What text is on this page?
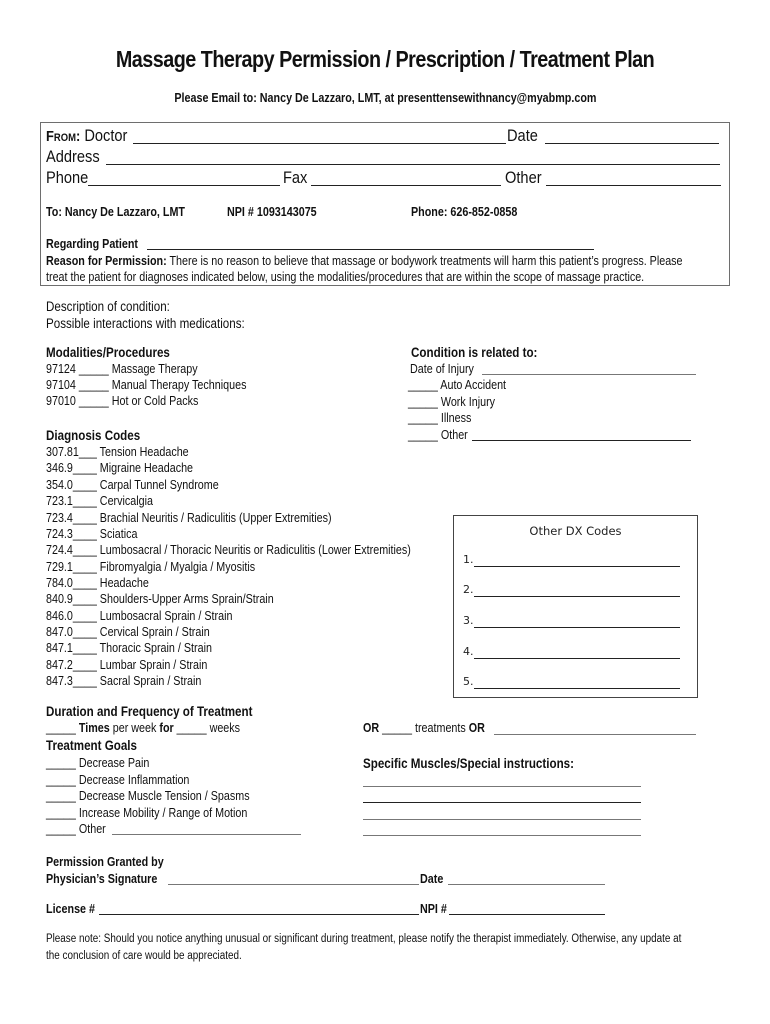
Massage Therapy Permission / Prescription / Treatment Plan
Please Email to: Nancy De Lazzaro, LMT, at presenttensewithnancy@myabmp.com
From: Doctor	Date
Address
Phone	Fax	Other
To: Nancy De Lazzaro, LMT	NPI # 1093143075	Phone: 626-852-0858
Regarding Patient
Reason for Permission: There is no reason to believe that massage or bodywork treatments will harm this patient’s progress. Please
treat the patient for diagnoses indicated below, using the modalities/procedures that are within the scope of massage practice.
Description of condition:
Possible interactions with medications:
Modalities/Procedures
97124 _____ Massage Therapy
97104 _____ Manual Therapy Techniques
97010 _____ Hot or Cold Packs
Condition is related to:
Date of Injury
_____ Auto Accident
_____ Work Injury
_____ Illness
_____ Other
Diagnosis Codes
307.81___ Tension Headache
346.9____ Migraine Headache
354.0____ Carpal Tunnel Syndrome
723.1____ Cervicalgia
723.4____ Brachial Neuritis / Radiculitis (Upper Extremities)
724.3____ Sciatica
724.4____ Lumbosacral / Thoracic Neuritis or Radiculitis (Lower Extremities)
729.1____ Fibromyalgia / Myalgia / Myositis
784.0____ Headache
840.9____ Shoulders-Upper Arms Sprain/Strain
846.0____ Lumbosacral Sprain / Strain
847.0____ Cervical Sprain / Strain
847.1____ Thoracic Sprain / Strain
847.2____ Lumbar Sprain / Strain
847.3____ Sacral Sprain / Strain
Other DX Codes
1.
2.
3.
4.
5.
Duration and Frequency of Treatment
_____ Times per week for _____ weeks	OR _____ treatments OR
Treatment Goals
_____ Decrease Pain
_____ Decrease Inflammation
_____ Decrease Muscle Tension / Spasms
_____ Increase Mobility / Range of Motion
_____ Other
Specific Muscles/Special instructions:
Permission Granted by
Physician’s Signature	Date
License #	NPI #
Please note: Should you notice anything unusual or significant during treatment, please notify the therapist immediately. Otherwise, any update at
the conclusion of care would be appreciated.
